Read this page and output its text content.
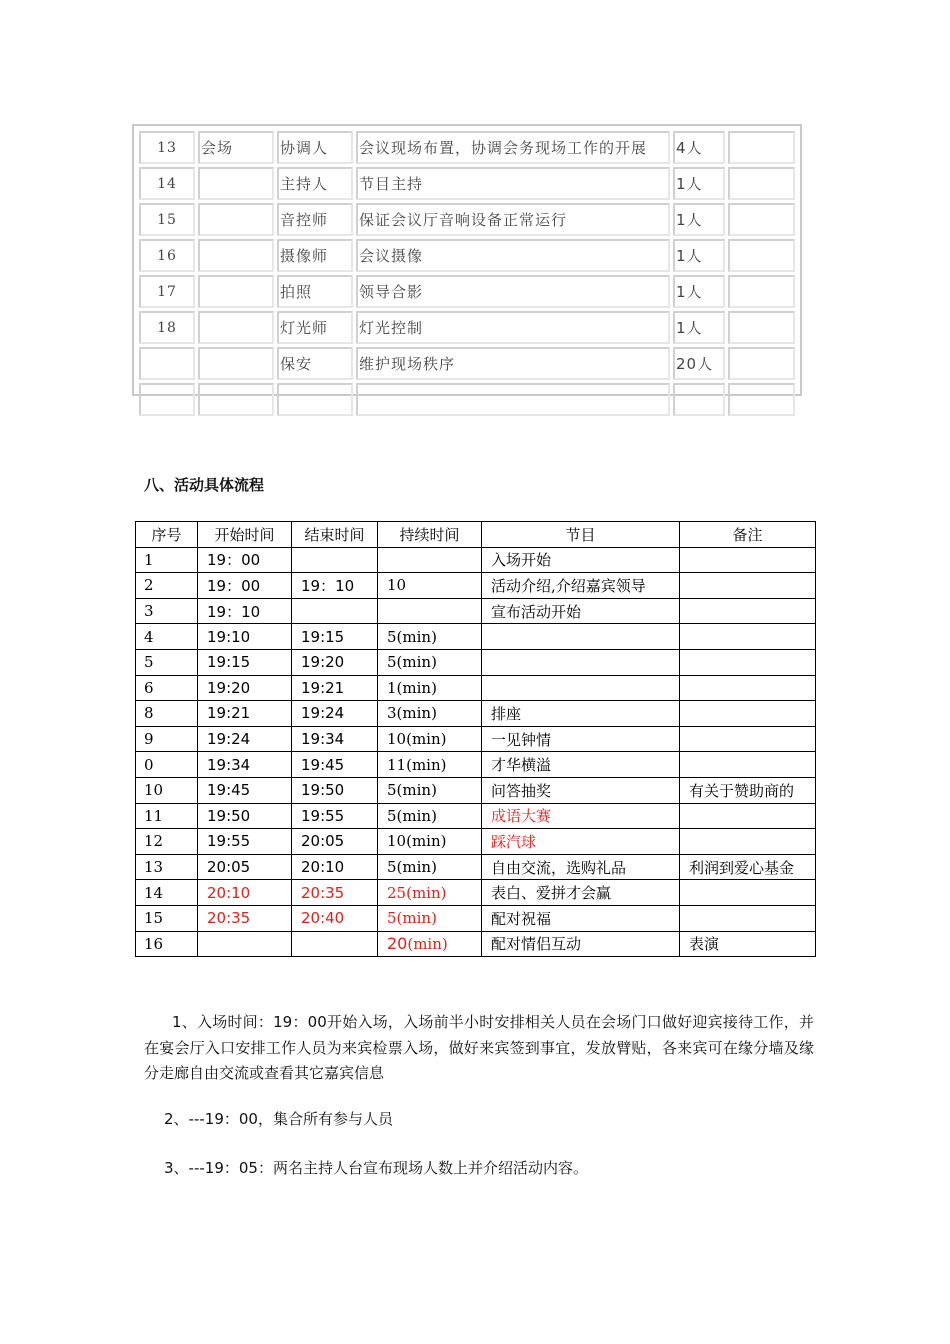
13	会场	协调人	会议现场布置，协调会务现场工作的开展	4人	
14		主持人	节目主持	1人	
15		音控师	保证会议厅音响设备正常运行	1人	
16		摄像师	会议摄像	1人	
17		拍照	领导合影	1人	
18		灯光师	灯光控制	1人	
		保安	维护现场秩序	20人	

八、活动具体流程
序号	开始时间	结束时间	持续时间	节目	备注
1	19：00			入场开始	
2	19：00	19：10	10	活动介绍,介绍嘉宾领导	
3	19：10			宣布活动开始	
4	19:10	19:15	5(min)		
5	19:15	19:20	5(min)		
6	19:20	19:21	1(min)		
8	19:21	19:24	3(min)	排座	
9	19:24	19:34	10(min)	一见钟情	
0	19:34	19:45	11(min)	才华横溢	
10	19:45	19:50	5(min)	问答抽奖	有关于赞助商的
11	19:50	19:55	5(min)	成语大赛	
12	19:55	20:05	10(min)	踩汽球	
13	20:05	20:10	5(min)	自由交流，选购礼品	利润到爱心基金
14	20:10	20:35	25(min)	表白、爱拼才会赢	
15	20:35	20:40	5(min)	配对祝福	
16			20(min)	配对情侣互动	表演
1、入场时间：19：00开始入场，入场前半小时安排相关人员在会场门口做好迎宾接待工作，并在宴会厅入口安排工作人员为来宾检票入场，做好来宾签到事宜，发放臂贴，各来宾可在缘分墙及缘分走廊自由交流或查看其它嘉宾信息
2、---19：00，集合所有参与人员
3、---19：05：两名主持人台宣布现场人数上并介绍活动内容。
